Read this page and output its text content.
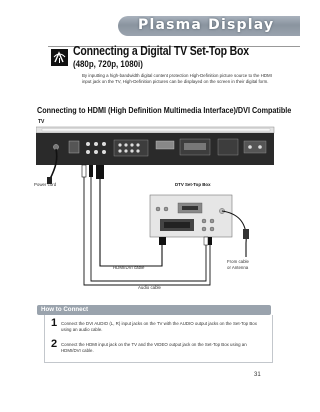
Plasma Display
Connecting a Digital TV Set-Top Box
(480p, 720p, 1080i)
By inputting a high-bandwidth digital content protection High-Definition picture source to the HDMI input jack on the TV, High-Definition pictures can be displayed on the screen in their digital form.
Connecting to HDMI (High Definition Multimedia Interface)/DVI Compatible
TV
Power cord	DTV Set-Top Box
From cable
or Antenna
HDMI/DVI cable
Audio cable
How to Connect
1 Connect the DVI AUDIO (L, R) input jacks on the TV with the AUDIO output jacks on the Set-Top Box using an audio cable.
2 Connect the HDMI input jack on the TV and the VIDEO output jack on the Set-Top Box using an HDMI/DVI cable.
31
